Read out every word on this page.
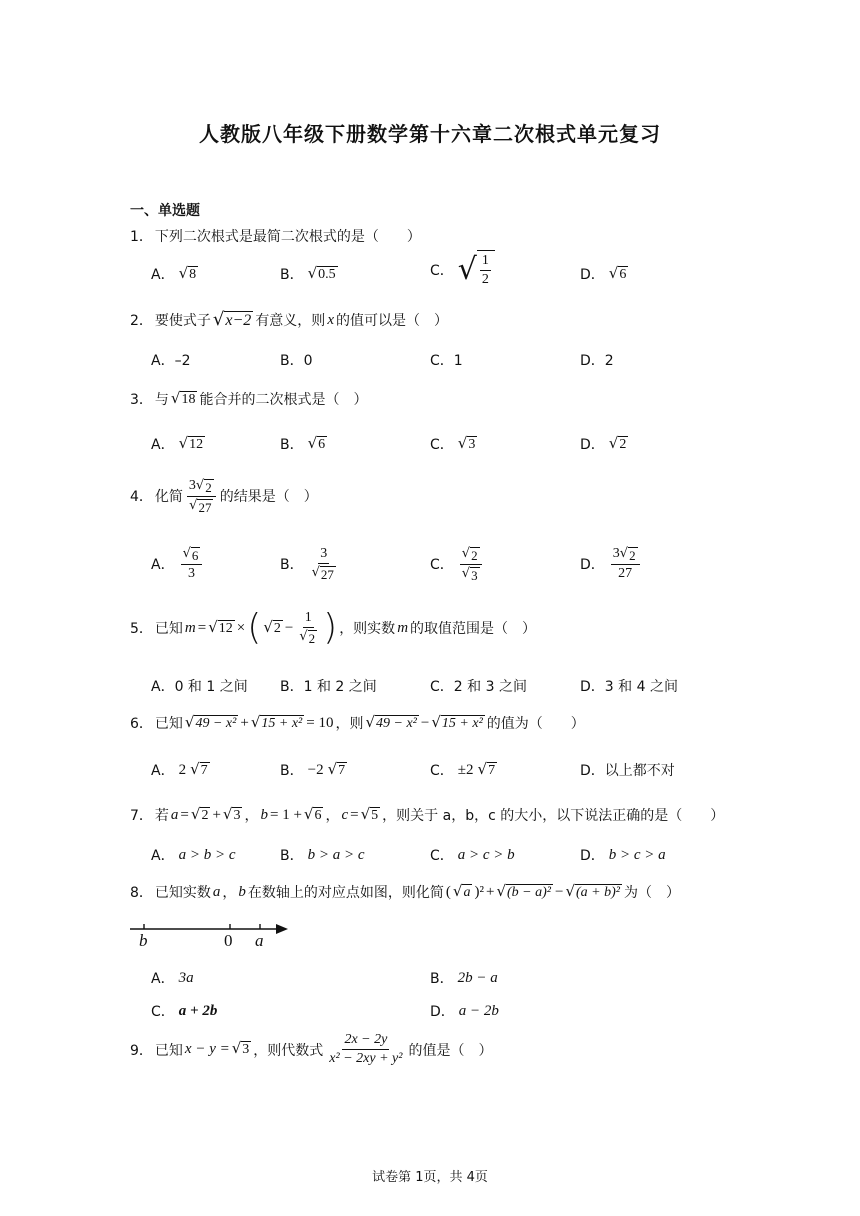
人教版八年级下册数学第十六章二次根式单元复习
一、单选题
1． 下列二次根式是最简二次根式的是（　　）
A． √ 8	B． √ 0.5	C． √ $\frac{1}{2}$	D． √ 6
2． 要使式子 √ x−2 有意义，则 x 的值可以是（　）
A．–2	B．0	C．1	D．2
3． 与 √ 18 能合并的二次根式是（　）
A． √ 12	B． √ 6	C． √ 3	D． √ 2
4． 化简 $\frac{3 √ 2}{√ 27}$ 的结果是（　）
A． $\frac{√ 6}{3}$	B． $\frac{3}{√ 27}$	C． $\frac{√ 2}{√ 3}$	D． $\frac{3 √ 2}{27}$
5． 已知 m = √ 12 × ( √ $2 - \frac{1}{√ 2}$ ) ，则实数 m 的取值范围是（　）
A．0 和 1 之间 B．1 和 2 之间	C．2 和 3 之间	D．3 和 4 之间
6． 已知 √ 49 − x² + √ 15 + x² = 10 ，则 √ 49 − x² − √ 15 + x² 的值为（　　）
A． 2 √ 7	B． −2 √ 7	C． ±2 √ 7	D．以上都不对
7． 若 a = √ 2 + √ 3 ， b = 1 + √ 6 ， c = √ 5 ，则关于 a，b，c 的大小，以下说法正确的是（　　）
A． a > b > c	B． b > a > c	C． a > c > b	D． b > c > a
8． 已知实数 a ， b 在数轴上的对应点如图，则化简 ( √ a )² + √ (b − a)² − √ (a + b)² 为（　）
b	0 a
A． 3a	B． 2b − a
C． a + 2b	D． a − 2b
9． 已知 x − y = √ 3 ，则代数式 $\frac{2x - 2y}{\text{x² − 2xy + y²}}$ 的值是（　）
试卷第 1页，共 4页
